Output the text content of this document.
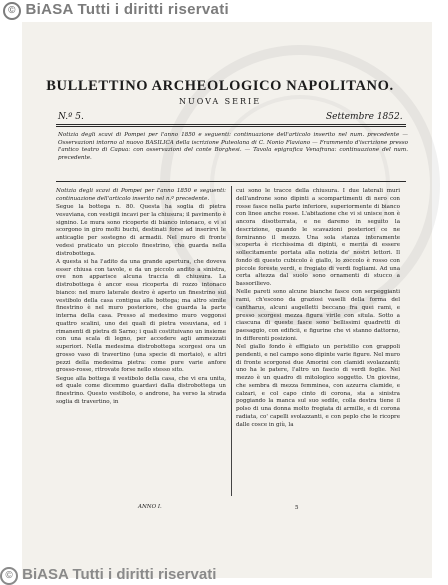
© BiASA Tutti i diritti riservati
BULLETTINO ARCHEOLOGICO NAPOLITANO.
NUOVA SERIE
N.º 5.	Settembre 1852.

Notizia degli scavi di Pompei per l'anno 1850 e seguenti: continuazione dell'articolo inserito nel num. precedente — Osservazioni intorno al nuovo BASILICA della iscrizione Puteolana di C. Nonio Flaviano — Frammento d'iscrizione presso l'antico teatro di Capua: con osservazioni del conte Borghesi. — Tavola epigrafica Venafrana: continuazione del num. precedente.

Notizia degli scavi di Pompei per l'anno 1850 e seguenti: continuazione dell'articolo inserito nel n.º precedente.

Segue la bottega n. 80. Questa ha soglia di pietra vesuviana, con vestigii incavi per la chiusura; il pavimento è signino. Le mura sono ricoperte di bianco intonaco, e vi si scorgono in giro molti buchi, destinati forse ad inserirvi le anticaglie per sostegno di armadii. Nel muro di fronte vedesi praticato un piccolo finestrino, che guarda nella distrobottega.

A questa si ha l'adito da una grande apertura, che doveva esser chiusa con tavole, e da un piccolo andito a sinistra, ove non apparisce alcuna traccia di chiusura. La distrobottega è ancor essa ricoperta di rozzo intonaco bianco: nel muro laterale destro è aperto un finestrino sul vestibolo della casa contigua alla bottega; ma altro simile finestrino è nel muro posteriore, che guarda la parte interna della casa. Presso al medesimo muro veggonsi quattro scalini, uno dei quali di pietra vesuviana, ed i rimanenti di pietra di Sarno; i quali costituivano un insieme con una scala di legno, per accedere agli ammezzati superiori. Nella medesima distrobottega scorgesi ora un grosso vaso di travertino (una specie di mortaio), e altri pezzi della medesima pietra: come pure varie anfore grosso-rosse, ritrovate forse nello stesso sito.

Segue alla bottega il vestibolo della casa, che vi era unita, ed quale come dicemmo guardavi dalla distrobottega un finestrino. Questo vestibolo, o androne, ha verso la strada soglia di travertino, in

cui sono le tracce della chiusura. I due laterali muri dell'androne sono dipinti a scompartimenti di nero con rosse fasce nella parte inferiore, superiormente di bianco con linee anche rosse. L'abitazione che vi si unisce non è ancora disotterrata, e ne daremo in seguito la descrizione, quando le scavazioni posteriori ce ne forniranno il mezzo. Una sola stanza interamente scoperta è ricchissima di dipinti, e merita di essere sollecitamente portata alla notizia de' nostri lettori. Il fondo di questo cubicolo è giallo, lo zoccolo è rosso con piccole foreste verdi, e fregiato di verdi fogliami. Ad una certa altezza dal suolo sono ornamenti di stucco a bassorilievo.

Nelle pareti sono alcune bianche fasce con serpeggianti rami, ch'escono da graziosi vaselli della forma del cantharus, alcuni augelletti beccano fra quei rami, e presso scorgesi mezza figura virile con situla. Sotto a ciascuna di queste fasce sono bellissimi quadretti di paesaggio, con edificii, e figurine che vi stanno dattorno, in differenti posizioni.

Nel giallo fondo è effigiato un peristilio con grappoli pendenti, e nel campo sono dipinte varie figure. Nel muro di fronte scorgonsi due Amorini con clamidi svolazzanti; uno ha le patere, l'altro un fascio di verdi foglie. Nel mezzo è un quadro di mitologico soggetto. Un giovine, che sembra di mezza femminea, con azzurra clamide, e calzari, e col capo cinto di corona, sta a sinistra poggiando la manca sul suo sedile, colla destra tiene il polso di una donna molto fregiata di armille, e di corona radiata, co' capelli svolazzanti, e con peplo che le ricopre dalle cosce in giù, la

ANNO I.	5
© BiASA Tutti i diritti riservati
